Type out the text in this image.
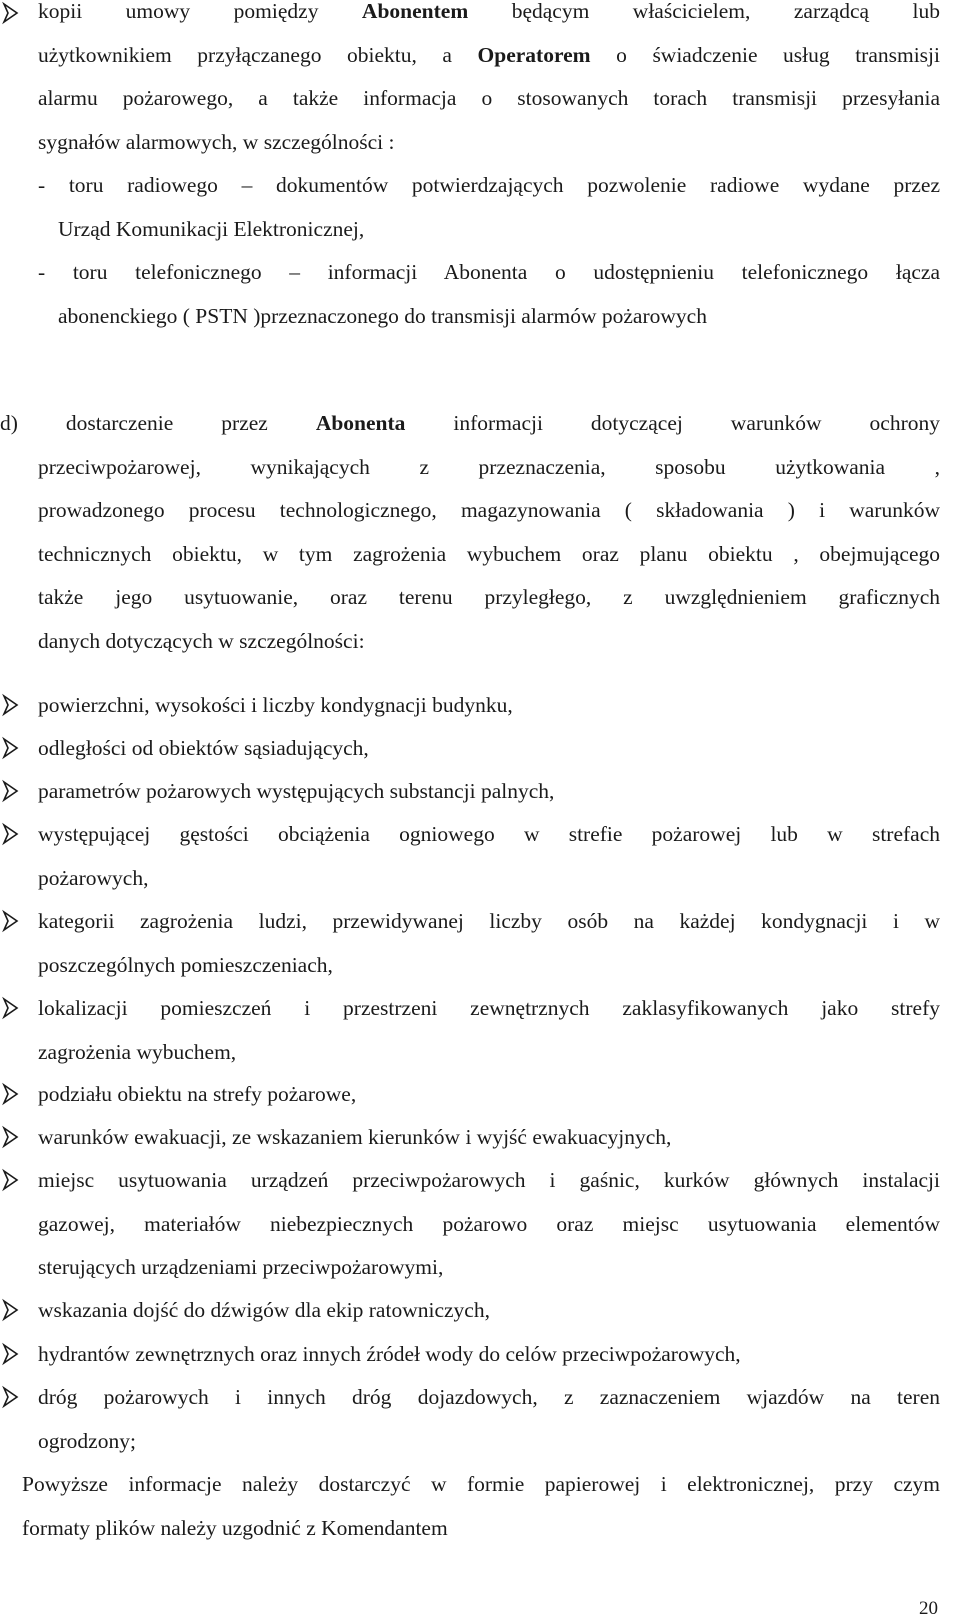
kopii umowy pomiędzy Abonentem będącym właścicielem, zarządcą lub
użytkownikiem przyłączanego obiektu, a Operatorem o świadczenie usług transmisji
alarmu pożarowego, a także informacja o stosowanych torach transmisji przesyłania
sygnałów alarmowych, w szczególności :
- toru radiowego – dokumentów potwierdzających pozwolenie radiowe wydane przez
Urząd Komunikacji Elektronicznej,
- toru telefonicznego – informacji Abonenta o udostępnieniu telefonicznego łącza
abonenckiego ( PSTN )przeznaczonego do transmisji alarmów pożarowych
d) dostarczenie przez Abonenta informacji dotyczącej warunków ochrony
przeciwpożarowej, wynikających z przeznaczenia, sposobu użytkowania ,
prowadzonego procesu technologicznego, magazynowania ( składowania ) i warunków
technicznych obiektu, w tym zagrożenia wybuchem oraz planu obiektu , obejmującego
także jego usytuowanie, oraz terenu przyległego, z uwzględnieniem graficznych
danych dotyczących w szczególności:
powierzchni, wysokości i liczby kondygnacji budynku,
odległości od obiektów sąsiadujących,
parametrów pożarowych występujących substancji palnych,
występującej gęstości obciążenia ogniowego w strefie pożarowej lub w strefach
pożarowych,
kategorii zagrożenia ludzi, przewidywanej liczby osób na każdej kondygnacji i w
poszczególnych pomieszczeniach,
lokalizacji pomieszczeń i przestrzeni zewnętrznych zaklasyfikowanych jako strefy
zagrożenia wybuchem,
podziału obiektu na strefy pożarowe,
warunków ewakuacji, ze wskazaniem kierunków i wyjść ewakuacyjnych,
miejsc usytuowania urządzeń przeciwpożarowych i gaśnic, kurków głównych instalacji
gazowej, materiałów niebezpiecznych pożarowo oraz miejsc usytuowania elementów
sterujących urządzeniami przeciwpożarowymi,
wskazania dojść do dźwigów dla ekip ratowniczych,
hydrantów zewnętrznych oraz innych źródeł wody do celów przeciwpożarowych,
dróg pożarowych i innych dróg dojazdowych, z zaznaczeniem wjazdów na teren
ogrodzony;
Powyższe informacje należy dostarczyć w formie papierowej i elektronicznej, przy czym
formaty plików należy uzgodnić z Komendantem
20
